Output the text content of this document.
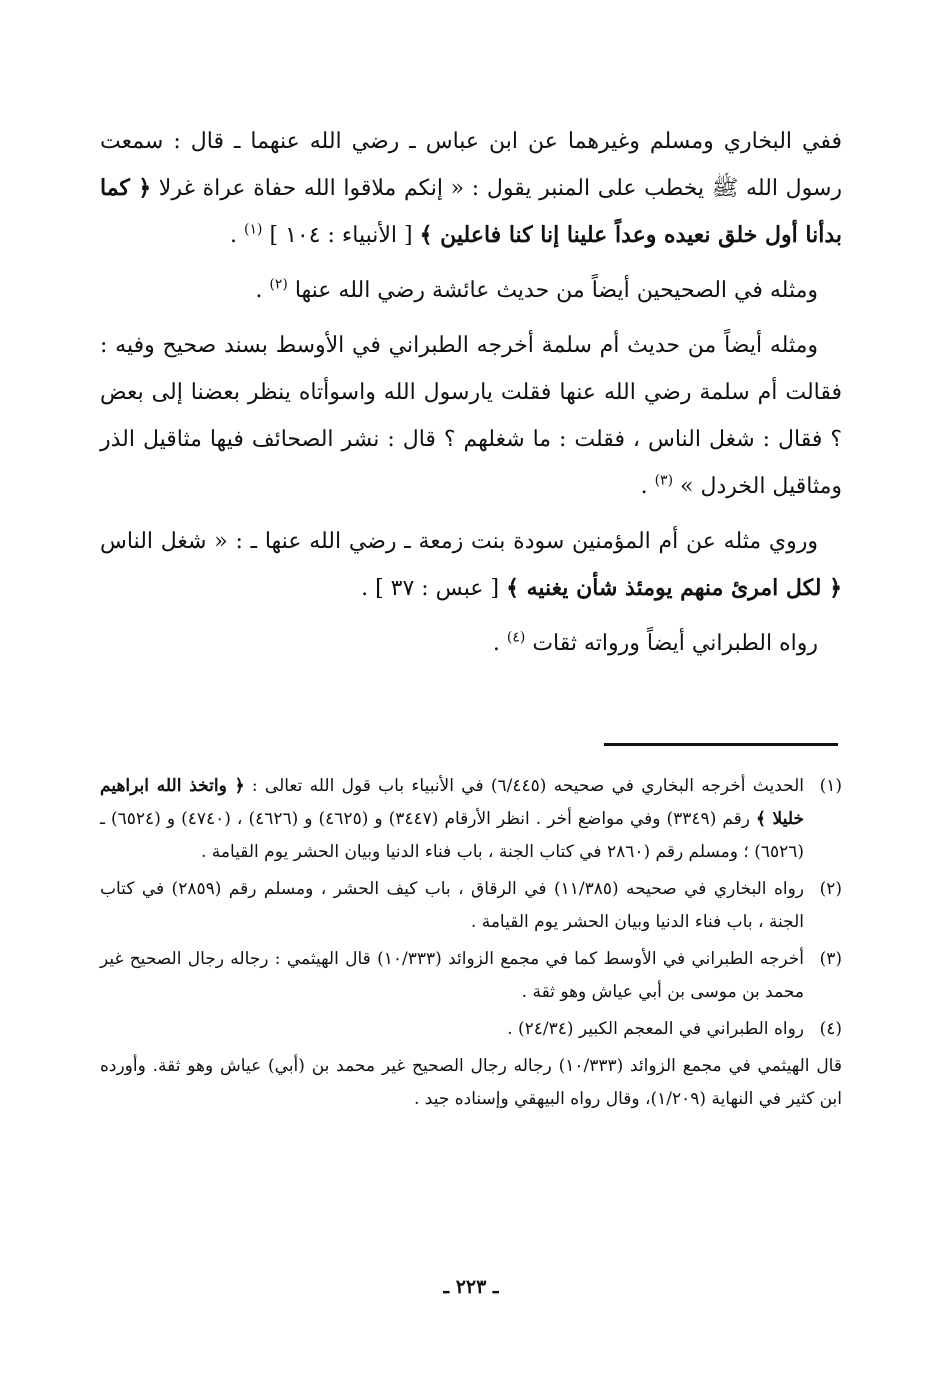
ففي البخاري ومسلم وغيرهما عن ابن عباس ـ رضي الله عنهما ـ قال : سمعت رسول الله ﷺ يخطب على المنبر يقول : « إنكم ملاقوا الله حفاة عراة غرلا ﴿ كما بدأنا أول خلق نعيده وعداً علينا إنا كنا فاعلين ﴾ [ الأنبياء : ١٠٤ ] $^{(١)}$ .

ومثله في الصحيحين أيضاً من حديث عائشة رضي الله عنها $^{(٢)}$ .

ومثله أيضاً من حديث أم سلمة أخرجه الطبراني في الأوسط بسند صحيح وفيه : فقالت أم سلمة رضي الله عنها فقلت يارسول الله واسوأتاه ينظر بعضنا إلى بعض ؟ فقال : شغل الناس ، فقلت : ما شغلهم ؟ قال : نشر الصحائف فيها مثاقيل الذر ومثاقيل الخردل » $^{(٣)}$ .

وروي مثله عن أم المؤمنين سودة بنت زمعة ـ رضي الله عنها ـ : « شغل الناس ﴿ لكل امرئ منهم يومئذ شأن يغنيه ﴾ [ عبس : ٣٧ ] .

رواه الطبراني أيضاً ورواته ثقات $^{(٤)}$ .

(١)
الحديث أخرجه البخاري في صحيحه (٦/٤٤٥) في الأنبياء باب قول الله تعالى : ﴿ واتخذ الله ابراهيم خليلا ﴾ رقم (٣٣٤٩) وفي مواضع أخر . انظر الأرقام (٣٤٤٧) و (٤٦٢٥) و (٤٦٢٦) ، (٤٧٤٠) و (٦٥٢٤) ـ (٦٥٢٦) ؛ ومسلم رقم (٢٨٦٠ في كتاب الجنة ، باب فناء الدنيا وبيان الحشر يوم القيامة .
(٢)
رواه البخاري في صحيحه (١١/٣٨٥) في الرقاق ، باب كيف الحشر ، ومسلم رقم (٢٨٥٩) في كتاب الجنة ، باب فناء الدنيا وبيان الحشر يوم القيامة .
(٣)
أخرجه الطبراني في الأوسط كما في مجمع الزوائد (١٠/٣٣٣) قال الهيثمي : رجاله رجال الصحيح غير محمد بن موسى بن أبي عياش وهو ثقة .
(٤)
رواه الطبراني في المعجم الكبير (٢٤/٣٤) .
قال الهيثمي في مجمع الزوائد (١٠/٣٣٣) رجاله رجال الصحيح غير محمد بن (أبي) عياش وهو ثقة. وأورده ابن كثير في النهاية (١/٢٠٩)، وقال رواه البيهقي وإسناده جيد .
ـ ٢٢٣ ـ
